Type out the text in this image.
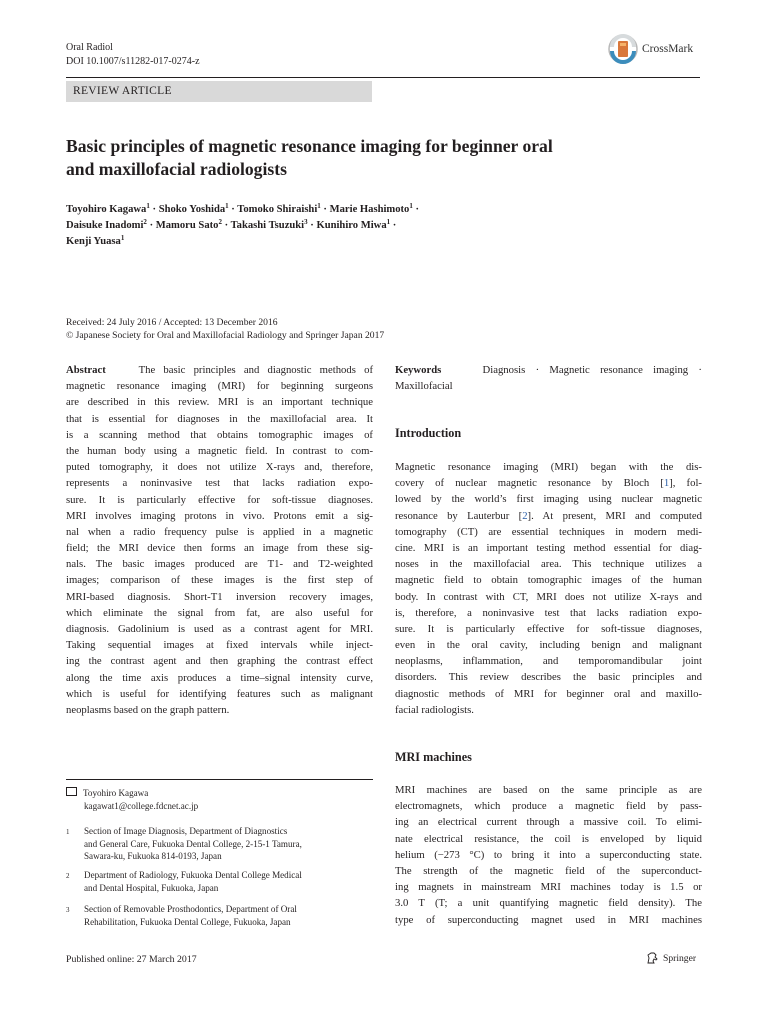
Oral Radiol
DOI 10.1007/s11282-017-0274-z
CrossMark
REVIEW ARTICLE
Basic principles of magnetic resonance imaging for beginner oral
and maxillofacial radiologists
Toyohiro Kagawa$^1$ · Shoko Yoshida$^1$ · Tomoko Shiraishi$^1$ · Marie Hashimoto$^1$ ·
Daisuke Inadomi$^2$ · Mamoru Sato$^2$ · Takashi Tsuzuki$^3$ · Kunihiro Miwa$^1$ ·
Kenji Yuasa$^1$
Received: 24 July 2016 / Accepted: 13 December 2016
© Japanese Society for Oral and Maxillofacial Radiology and Springer Japan 2017
Abstract	The basic principles and diagnostic methods of
magnetic resonance imaging (MRI) for beginning surgeons
are described in this review. MRI is an important technique
that is essential for diagnoses in the maxillofacial area. It
is a scanning method that obtains tomographic images of
the human body using a magnetic field. In contrast to com-
puted tomography, it does not utilize X-rays and, therefore,
represents a noninvasive test that lacks radiation expo-
sure. It is particularly effective for soft-tissue diagnoses.
MRI involves imaging protons in vivo. Protons emit a sig-
nal when a radio frequency pulse is applied in a magnetic
field; the MRI device then forms an image from these sig-
nals. The basic images produced are T1- and T2-weighted
images; comparison of these images is the first step of
MRI-based diagnosis. Short-T1 inversion recovery images,
which eliminate the signal from fat, are also useful for
diagnosis. Gadolinium is used as a contrast agent for MRI.
Taking sequential images at fixed intervals while inject-
ing the contrast agent and then graphing the contrast effect
along the time axis produces a time–signal intensity curve,
which is useful for identifying features such as malignant
neoplasms based on the graph pattern.
Keywords	Diagnosis · Magnetic resonance imaging ·
Maxillofacial
Introduction
Magnetic resonance imaging (MRI) began with the dis-
covery of nuclear magnetic resonance by Bloch [1], fol-
lowed by the world’s first imaging using nuclear magnetic
resonance by Lauterbur [2]. At present, MRI and computed
tomography (CT) are essential techniques in modern medi-
cine. MRI is an important testing method essential for diag-
noses in the maxillofacial area. This technique utilizes a
magnetic field to obtain tomographic images of the human
body. In contrast with CT, MRI does not utilize X-rays and
is, therefore, a noninvasive test that lacks radiation expo-
sure. It is particularly effective for soft-tissue diagnoses,
even in the oral cavity, including benign and malignant
neoplasms, inflammation, and temporomandibular joint
disorders. This review describes the basic principles and
diagnostic methods of MRI for beginner oral and maxillo-
facial radiologists.
MRI machines
MRI machines are based on the same principle as are
electromagnets, which produce a magnetic field by pass-
ing an electrical current through a massive coil. To elimi-
nate electrical resistance, the coil is enveloped by liquid
helium (−273 °C) to bring it into a superconducting state.
The strength of the magnetic field of the superconduct-
ing magnets in mainstream MRI machines today is 1.5 or
3.0 T (T; a unit quantifying magnetic field density). The
type of superconducting magnet used in MRI machines
Toyohiro Kagawa
kagawat1@college.fdcnet.ac.jp
1 Section of Image Diagnosis, Department of Diagnostics
and General Care, Fukuoka Dental College, 2-15-1 Tamura,
Sawara-ku, Fukuoka 814-0193, Japan
2 Department of Radiology, Fukuoka Dental College Medical
and Dental Hospital, Fukuoka, Japan
3 Section of Removable Prosthodontics, Department of Oral
Rehabilitation, Fukuoka Dental College, Fukuoka, Japan
Published online: 27 March 2017	Springer
